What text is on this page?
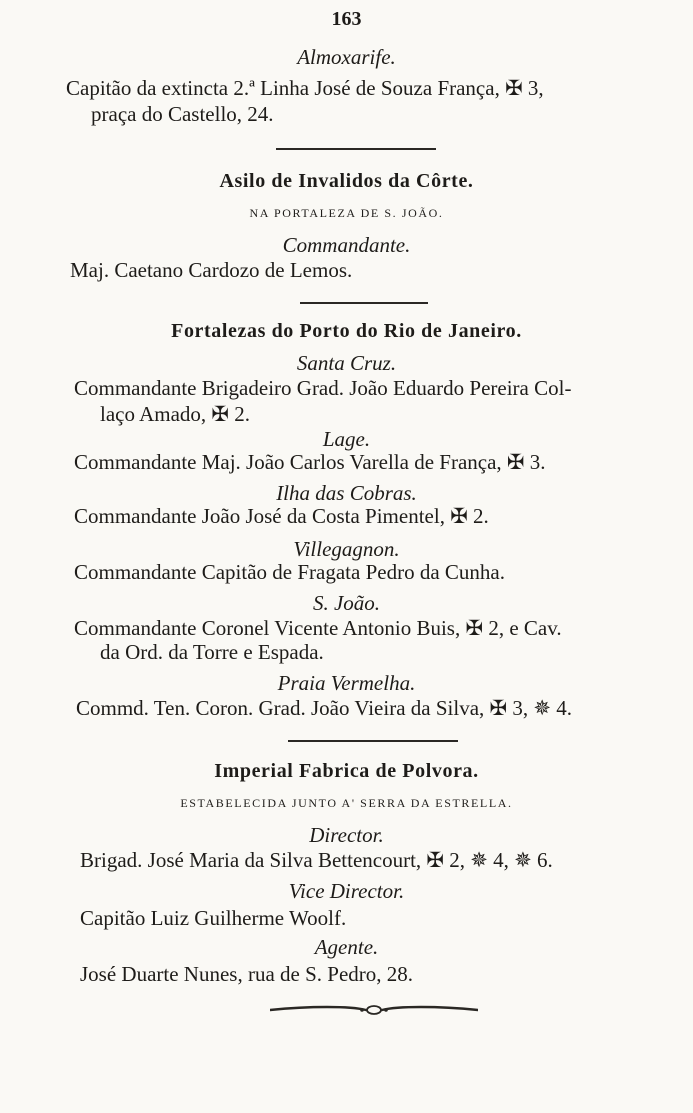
163
Almoxarife.
Capitão da extincta 2.ª Linha José de Souza França, ✠ 3,
praça do Castello, 24.
Asilo de Invalidos da Côrte.
NA PORTALEZA DE S. JOÃO.
Commandante.
Maj. Caetano Cardozo de Lemos.
Fortalezas do Porto do Rio de Janeiro.
Santa Cruz.
Commandante Brigadeiro Grad. João Eduardo Pereira Col-
laço Amado, ✠ 2.
Lage.
Commandante Maj. João Carlos Varella de França, ✠ 3.
Ilha das Cobras.
Commandante João José da Costa Pimentel, ✠ 2.
Villegagnon.
Commandante Capitão de Fragata Pedro da Cunha.
S. João.
Commandante Coronel Vicente Antonio Buis, ✠ 2, e Cav.
da Ord. da Torre e Espada.
Praia Vermelha.
Commd. Ten. Coron. Grad. João Vieira da Silva, ✠ 3, ✵ 4.
Imperial Fabrica de Polvora.
ESTABELECIDA JUNTO A' SERRA DA ESTRELLA.
Director.
Brigad. José Maria da Silva Bettencourt, ✠ 2, ✵ 4, ✵ 6.
Vice Director.
Capitão Luiz Guilherme Woolf.
Agente.
José Duarte Nunes, rua de S. Pedro, 28.
